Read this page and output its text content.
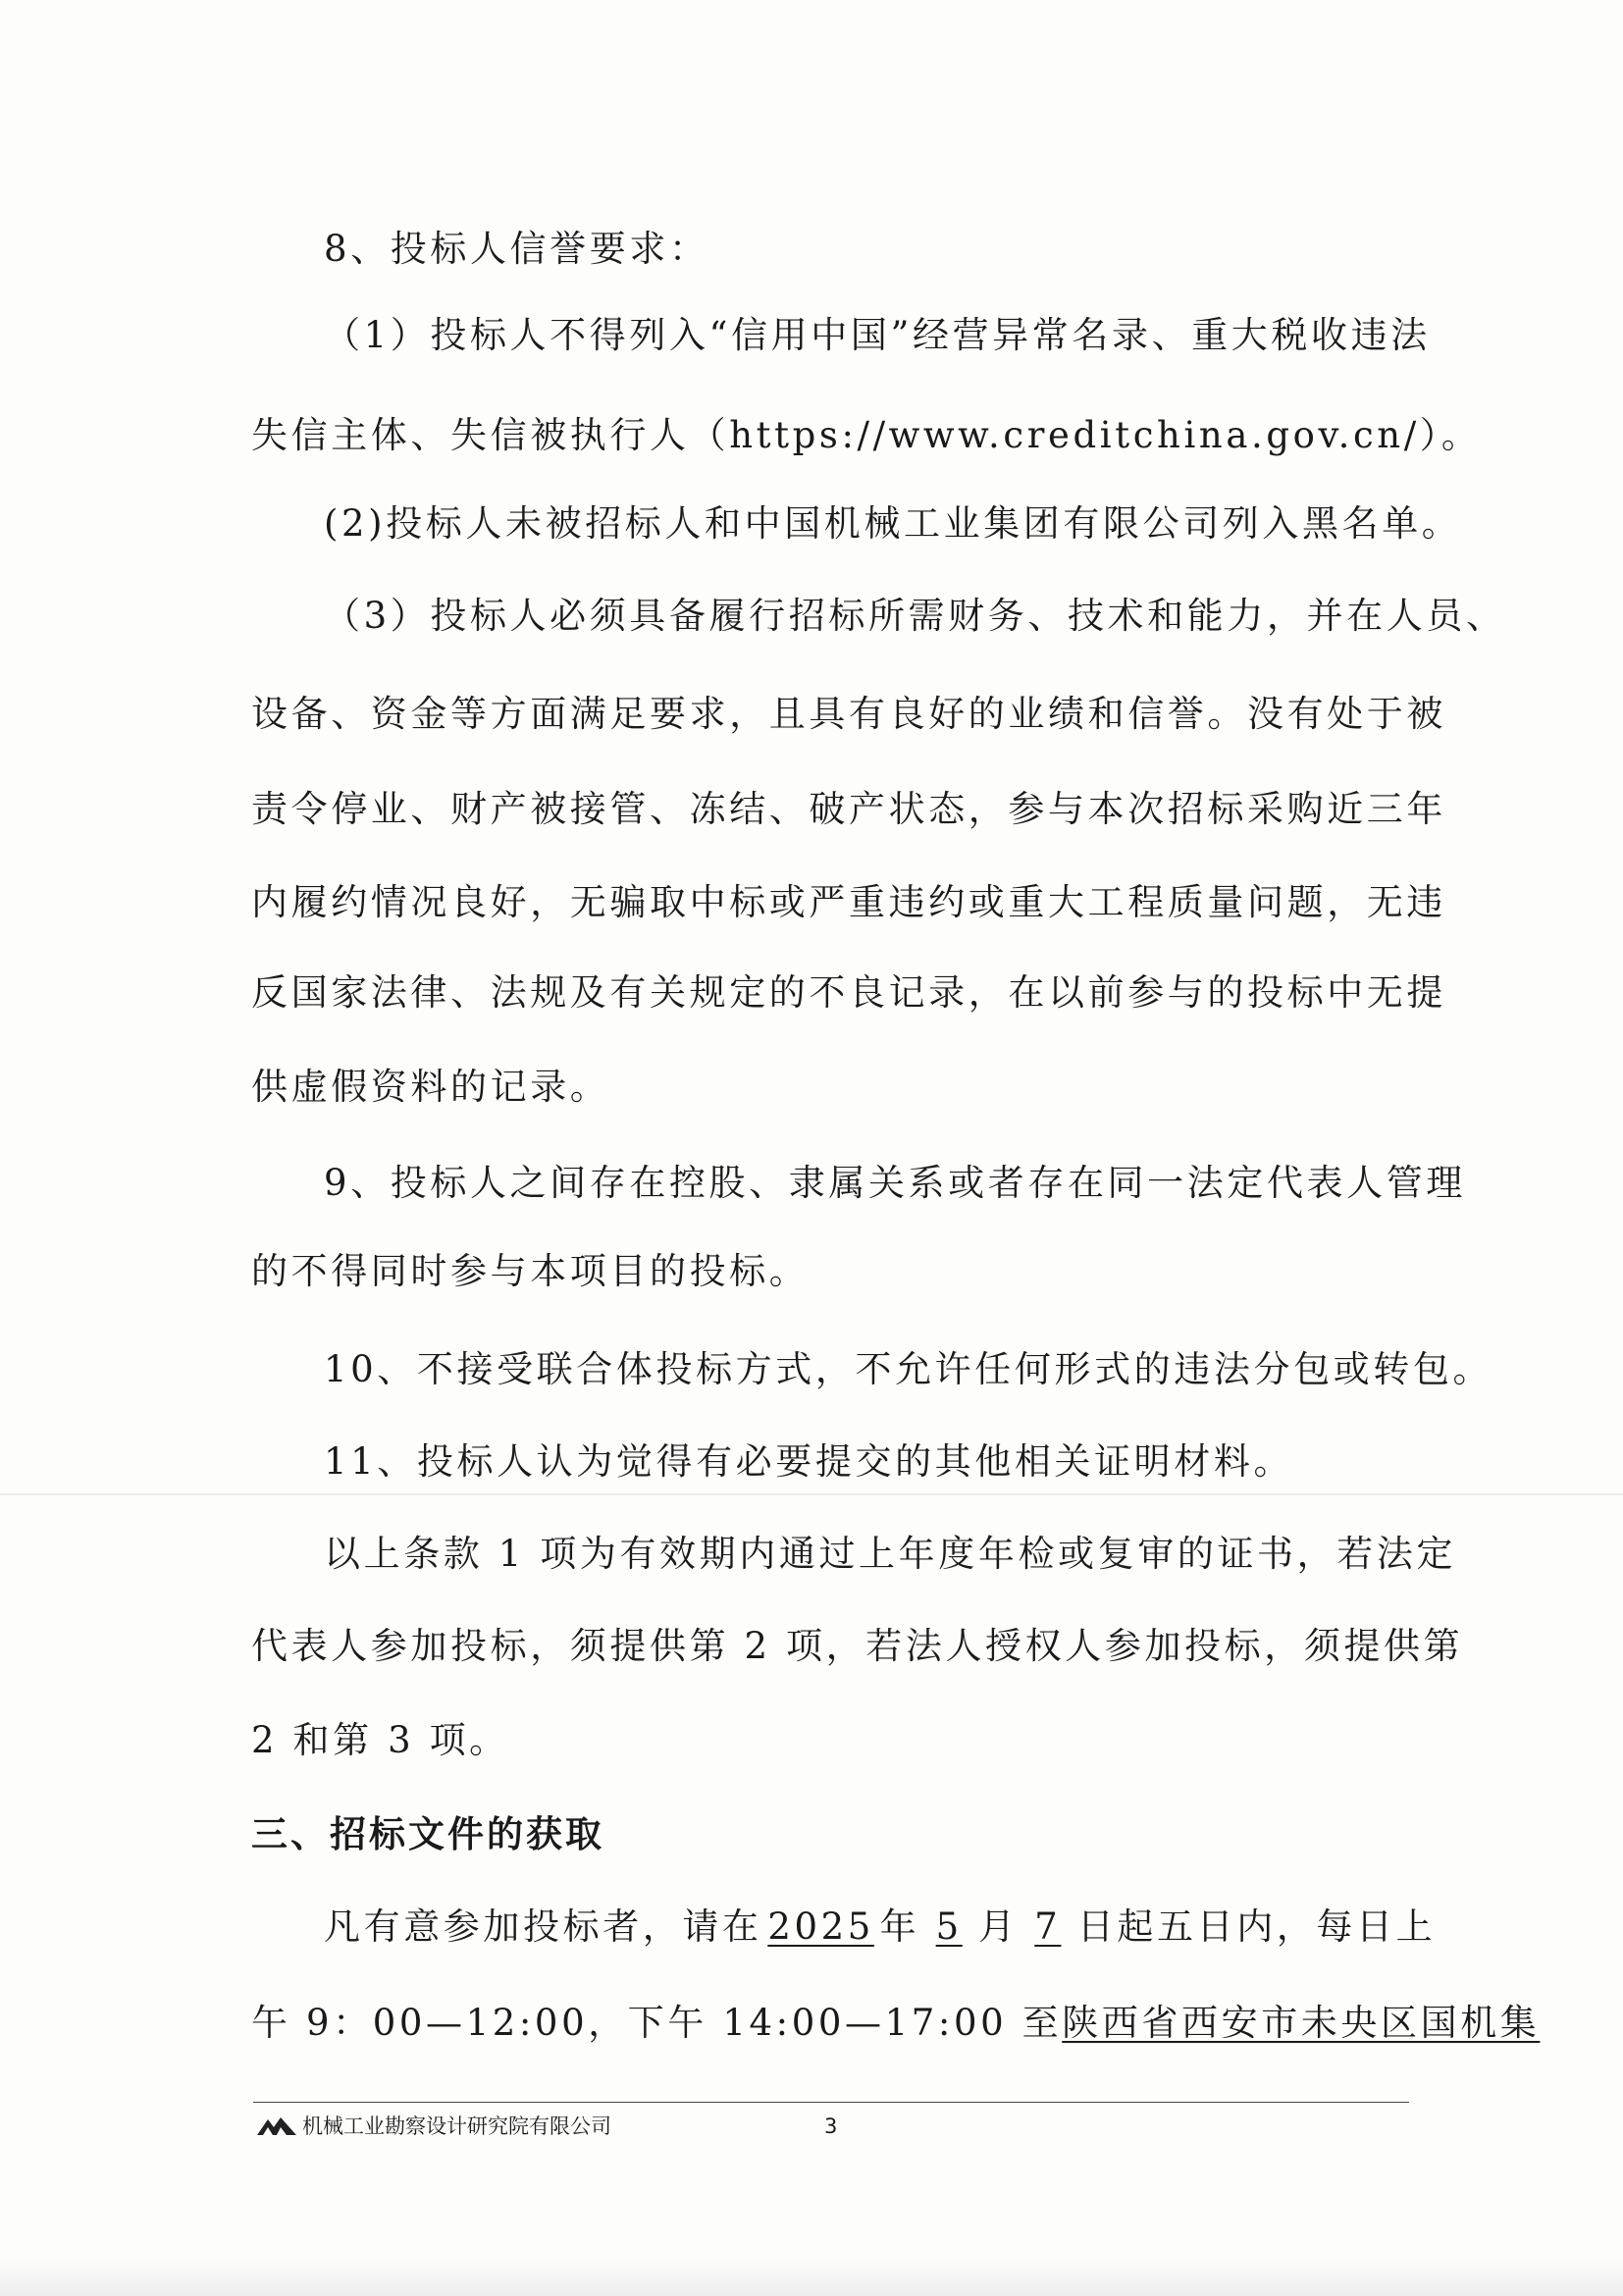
8、投标人信誉要求：
（1）投标人不得列入“信用中国”经营异常名录、重大税收违法
失信主体、失信被执行人（https://www.creditchina.gov.cn/）。
(2)投标人未被招标人和中国机械工业集团有限公司列入黑名单。
（3）投标人必须具备履行招标所需财务、技术和能力，并在人员、
设备、资金等方面满足要求，且具有良好的业绩和信誉。没有处于被
责令停业、财产被接管、冻结、破产状态，参与本次招标采购近三年
内履约情况良好，无骗取中标或严重违约或重大工程质量问题，无违
反国家法律、法规及有关规定的不良记录，在以前参与的投标中无提
供虚假资料的记录。
9、投标人之间存在控股、隶属关系或者存在同一法定代表人管理
的不得同时参与本项目的投标。
10、不接受联合体投标方式，不允许任何形式的违法分包或转包。
11、投标人认为觉得有必要提交的其他相关证明材料。
以上条款 1 项为有效期内通过上年度年检或复审的证书，若法定
代表人参加投标，须提供第 2 项，若法人授权人参加投标，须提供第
2 和第 3 项。
三、招标文件的获取
凡有意参加投标者，请在 2025 年 5 月 7 日起五日内，每日上
午 9：00—12:00，下午 14:00—17:00 至陕西省西安市未央区国机集
机械工业勘察设计研究院有限公司	3
